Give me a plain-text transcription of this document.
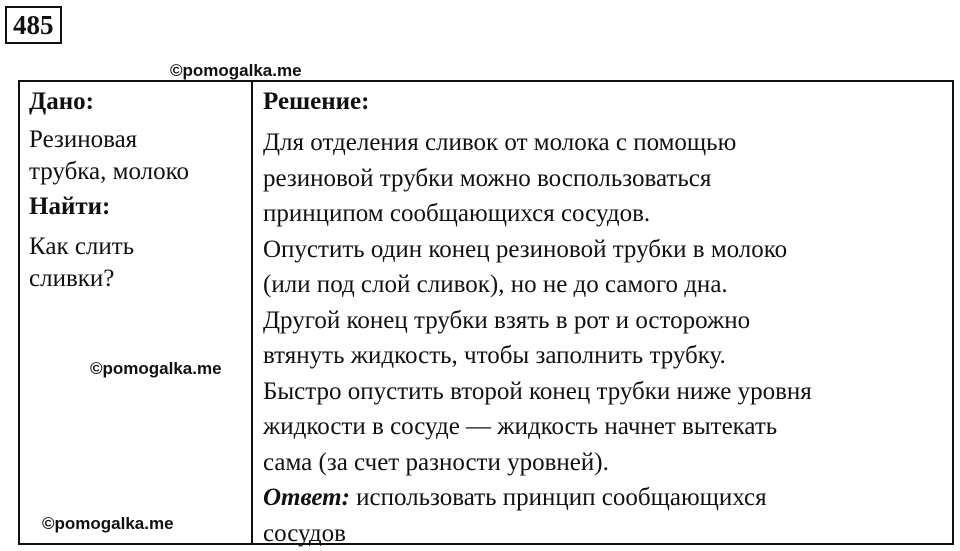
485
©pomogalka.me
Дано:
Резиновая
трубка, молоко
Найти:
Как слить
сливки?
Решение:
Для отделения сливок от молока с помощью
резиновой трубки можно воспользоваться
принципом сообщающихся сосудов.
Опустить один конец резиновой трубки в молоко
(или под слой сливок), но не до самого дна.
Другой конец трубки взять в рот и осторожно
втянуть жидкость, чтобы заполнить трубку.
Быстро опустить второй конец трубки ниже уровня
жидкости в сосуде — жидкость начнет вытекать
сама (за счет разности уровней).
Ответ: использовать принцип сообщающихся
сосудов
©pomogalka.me
©pomogalka.me
